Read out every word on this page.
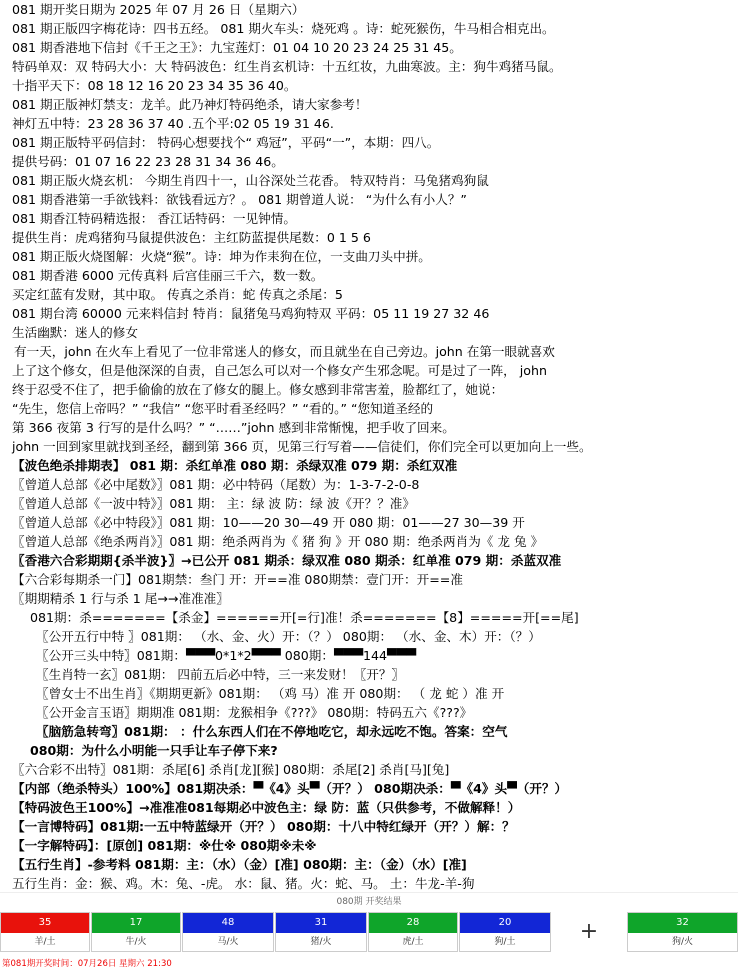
081 期开奖日期为 2025 年 07 月 26 日（星期六）
081 期正版四字梅花诗：四书五经。 081 期火车头：烧死鸡 。诗：蛇死猴伤，牛马相合相克出。
081 期香港地下信封《千王之王》：九宝莲灯：01 04 10 20 23 24 25 31 45。
特码单双：双 特码大小：大 特码波色：红生肖玄机诗：十五红妆，九曲寒波。主：狗牛鸡猪马鼠。
十指平天下：08 18 12 16 20 23 34 35 36 40。
081 期正版神灯禁支：龙羊。此乃神灯特码绝杀，请大家参考！
神灯五中特：23 28 36 37 40 .五个平:02 05 19 31 46.
081 期正版特平码信封： 特码心想要找个“ 鸡冠”，平码“一”，本期：四八。
提供号码：01 07 16 22 23 28 31 34 36 46。
081 期正版火烧玄机： 今期生肖四十一，山谷深处兰花香。 特双特肖：马兔猪鸡狗鼠
081 期香港第一手欲钱料：欲钱看远方？。 081 期曾道人说： “为什么有小人？”
081 期香江特码精选报： 香江话特码：一见钟情。
提供生肖：虎鸡猪狗马鼠提供波色：主红防蓝提供尾数：0 1 5 6
081 期正版火烧图解：火烧“猴”。诗：坤为作耒狗在位，一支曲刀头中拼。
081 期香港 6000 元传真料 后宫佳丽三千六，数一数。
买定红蓝有发财，其中取。 传真之杀肖：蛇 传真之杀尾：5
081 期台湾 60000 元来料信封 特肖：鼠猪兔马鸡狗特双 平码：05 11 19 27 32 46
生活幽默：迷人的修女
有一天，john 在火车上看见了一位非常迷人的修女，而且就坐在自己旁边。john 在第一眼就喜欢
上了这个修女，但是他深深的自责，自己怎么可以对一个修女产生邪念呢。可是过了一阵， john
终于忍受不住了，把手偷偷的放在了修女的腿上。修女感到非常害羞，脸都红了，她说：
“先生，您信上帝吗？” “我信” “您平时看圣经吗？” “看的。” “您知道圣经的
第 366 夜第 3 行写的是什么吗？” “……”john 感到非常惭愧，把手收了回来。
john 一回到家里就找到圣经，翻到第 366 页，见第三行写着——信徒们，你们完全可以更加向上一些。
【波色绝杀排期表】 081 期：杀红单准 080 期：杀绿双准 079 期：杀红双准
〖曾道人总部《必中尾数》〗081 期：必中特码（尾数）为：1-3-7-2-0-8
〖曾道人总部《一波中特》〗081 期： 主：绿 波 防：绿 波《开？？准》
〖曾道人总部《必中特段》〗081 期：10——20 30—49 开 080 期：01——27 30—39 开
〖曾道人总部《绝杀两肖》〗081 期：绝杀两肖为《 猪 狗 》开 080 期：绝杀两肖为《 龙 兔 》
〖香港六合彩期期{杀半波}〗→已公开 081 期杀：绿双准 080 期杀：红单准 079 期：杀蓝双准
【六合彩每期杀一门】081期禁：叁门 开：开==准 080期禁：壹门开：开==准
〖期期精杀 1 行与杀 1 尾→→准准准〗
081期：杀=======【杀金】======开[=行]准！杀=======【8】=====开[==尾]
〖公开五行中特 〗081期： （水、金、火）开：（？） 080期： （水、金、木）开：（？）
〖公开三头中特〗081期：▀▀▀0*1*2▀▀▀ 080期：▀▀▀144▀▀▀
〖生肖特一玄〗081期： 四前五后必中特，三一来发财！〖开？〗
〖曾女士不出生肖〗《期期更新》081期： （鸡 马）准 开 080期： （ 龙 蛇 ）准 开
〖公开金言玉语〗期期准 081期：龙猴相争《???》 080期：特码五六《???》
〖脑筋急转弯〗081期： ：什么东西人们在不停地吃它，却永远吃不饱。答案：空气
080期：为什么小明能一只手让车子停下来?
〖六合彩不出特〗081期：杀尾[6] 杀肖[龙][猴] 080期：杀尾[2] 杀肖[马][兔]
【内部（绝杀特头）100%】081期决杀：▀《4》头▀（开？） 080期决杀：▀《4》头▀（开？）
【特码波色王100%】→准准准081每期必中波色主：绿 防：蓝（只供参考，不做解释！）
【一言博特码】081期:一五中特蓝绿开（开？） 080期：十八中特红绿开（开？）解：？
【一字解特码】：[原创] 081期：※仕※ 080期※未※
【五行生肖】-参考料 081期：主：（水）（金）[准] 080期：主：（金）（水）[准]
五行生肖：金：猴、鸡。木：兔、-虎。 水：鼠、猪。火：蛇、马。 土：牛龙-羊-狗
080期 开奖结果
35
羊/土
17
牛/火
48
马/火
31
猪/火
28
虎/土
20
狗/土	+	32
狗/火
第081期开奖时间：07月26日 星期六 21:30
